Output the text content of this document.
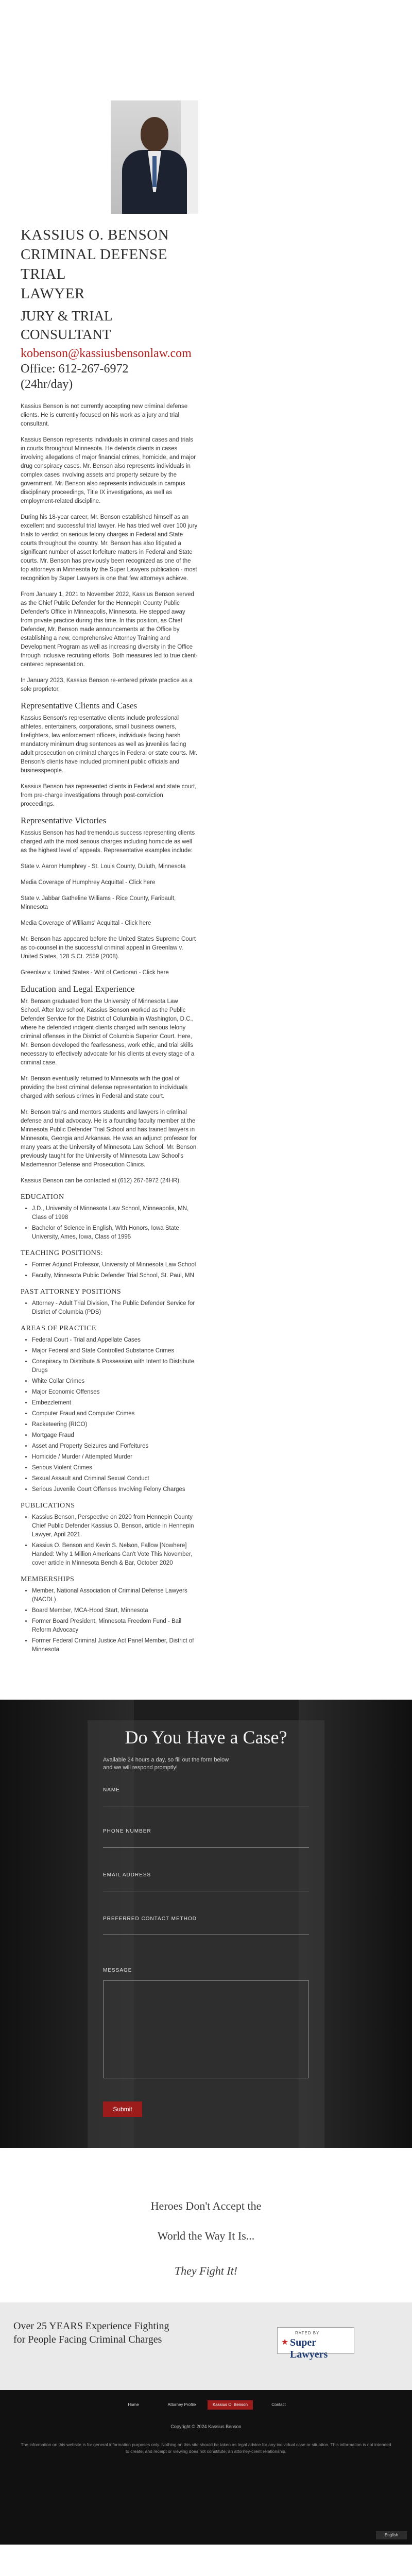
KASSIUS O. BENSON
CRIMINAL DEFENSE TRIAL
LAWYER
JURY & TRIAL CONSULTANT
kobenson@kassiusbensonlaw.com
Office: 612-267-6972
(24hr/day)

Kassius Benson is not currently accepting new criminal defense clients. He is currently focused on his work as a jury and trial consultant.

Kassius Benson represents individuals in criminal cases and trials in courts throughout Minnesota. He defends clients in cases involving allegations of major financial crimes, homicide, and major drug conspiracy cases. Mr. Benson also represents individuals in complex cases involving assets and property seizure by the government. Mr. Benson also represents individuals in campus disciplinary proceedings, Title IX investigations, as well as employment-related discipline.

During his 18-year career, Mr. Benson established himself as an excellent and successful trial lawyer. He has tried well over 100 jury trials to verdict on serious felony charges in Federal and State courts throughout the country. Mr. Benson has also litigated a significant number of asset forfeiture matters in Federal and State courts. Mr. Benson has previously been recognized as one of the top attorneys in Minnesota by the Super Lawyers publication - most recognition by Super Lawyers is one that few attorneys achieve.

From January 1, 2021 to November 2022, Kassius Benson served as the Chief Public Defender for the Hennepin County Public Defender's Office in Minneapolis, Minnesota. He stepped away from private practice during this time. In this position, as Chief Defender, Mr. Benson made announcements at the Office by establishing a new, comprehensive Attorney Training and Development Program as well as increasing diversity in the Office through inclusive recruiting efforts. Both measures led to true client-centered representation.

In January 2023, Kassius Benson re-entered private practice as a sole proprietor.

Representative Clients and Cases

Kassius Benson's representative clients include professional athletes, entertainers, corporations, small business owners, firefighters, law enforcement officers, individuals facing harsh mandatory minimum drug sentences as well as juveniles facing adult prosecution on criminal charges in Federal or state courts. Mr. Benson's clients have included prominent public officials and businesspeople.

Kassius Benson has represented clients in Federal and state court, from pre-charge investigations through post-conviction proceedings.

Representative Victories

Kassius Benson has had tremendous success representing clients charged with the most serious charges including homicide as well as the highest level of appeals. Representative examples include:

State v. Aaron Humphrey - St. Louis County, Duluth, Minnesota

Media Coverage of Humphrey Acquittal - Click here

State v. Jabbar Gatheline Williams - Rice County, Faribault, Minnesota

Media Coverage of Williams' Acquittal - Click here

Mr. Benson has appeared before the United States Supreme Court as co-counsel in the successful criminal appeal in Greenlaw v. United States, 128 S.Ct. 2559 (2008).

Greenlaw v. United States - Writ of Certiorari - Click here

Education and Legal Experience

Mr. Benson graduated from the University of Minnesota Law School. After law school, Kassius Benson worked as the Public Defender Service for the District of Columbia in Washington, D.C., where he defended indigent clients charged with serious felony criminal offenses in the District of Columbia Superior Court. Here, Mr. Benson developed the fearlessness, work ethic, and trial skills necessary to effectively advocate for his clients at every stage of a criminal case.

Mr. Benson eventually returned to Minnesota with the goal of providing the best criminal defense representation to individuals charged with serious crimes in Federal and state court.

Mr. Benson trains and mentors students and lawyers in criminal defense and trial advocacy. He is a founding faculty member at the Minnesota Public Defender Trial School and has trained lawyers in Minnesota, Georgia and Arkansas. He was an adjunct professor for many years at the University of Minnesota Law School. Mr. Benson previously taught for the University of Minnesota Law School's Misdemeanor Defense and Prosecution Clinics.

Kassius Benson can be contacted at (612) 267-6972 (24HR).

EDUCATION
• J.D., University of Minnesota Law School, Minneapolis, MN, Class of 1998
• Bachelor of Science in English, With Honors, Iowa State University, Ames, Iowa, Class of 1995
TEACHING POSITIONS:
• Former Adjunct Professor, University of Minnesota Law School
• Faculty, Minnesota Public Defender Trial School, St. Paul, MN
PAST ATTORNEY POSITIONS
• Attorney - Adult Trial Division, The Public Defender Service for District of Columbia (PDS)
AREAS OF PRACTICE
• Federal Court - Trial and Appellate Cases
• Major Federal and State Controlled Substance Crimes
• Conspiracy to Distribute & Possession with Intent to Distribute Drugs
• White Collar Crimes
• Major Economic Offenses
• Embezzlement
• Computer Fraud and Computer Crimes
• Racketeering (RICO)
• Mortgage Fraud
• Asset and Property Seizures and Forfeitures
• Homicide / Murder / Attempted Murder
• Serious Violent Crimes
• Sexual Assault and Criminal Sexual Conduct
• Serious Juvenile Court Offenses Involving Felony Charges
PUBLICATIONS
• Kassius Benson, Perspective on 2020 from Hennepin County Chief Public Defender Kassius O. Benson, article in Hennepin Lawyer, April 2021.
• Kassius O. Benson and Kevin S. Nelson, Fallow [Nowhere] Handed: Why 1 Million Americans Can't Vote This November, cover article in Minnesota Bench & Bar, October 2020
MEMBERSHIPS
• Member, National Association of Criminal Defense Lawyers (NACDL)
• Board Member, MCA-Hood Start, Minnesota
• Former Board President, Minnesota Freedom Fund - Bail Reform Advocacy
• Former Federal Criminal Justice Act Panel Member, District of Minnesota
Do You Have a Case?

Available 24 hours a day, so fill out the form below and we will respond promptly!

NAME
PHONE NUMBER
EMAIL ADDRESS
PREFERRED CONTACT METHOD
MESSAGE
Submit
Heroes Don't Accept the
World the Way It Is...
They Fight It!
Over 25 YEARS Experience Fighting for People Facing Criminal Charges
RATED BY
★ Super Lawyers
Home	Attorney Profile	Kassius O. Benson	Contact
Copyright © 2024 Kassius Benson
The information on this website is for general information purposes only. Nothing on this site should be taken as legal advice for any individual case or situation. This information is not intended to create, and receipt or viewing does not constitute, an attorney-client relationship.
English
